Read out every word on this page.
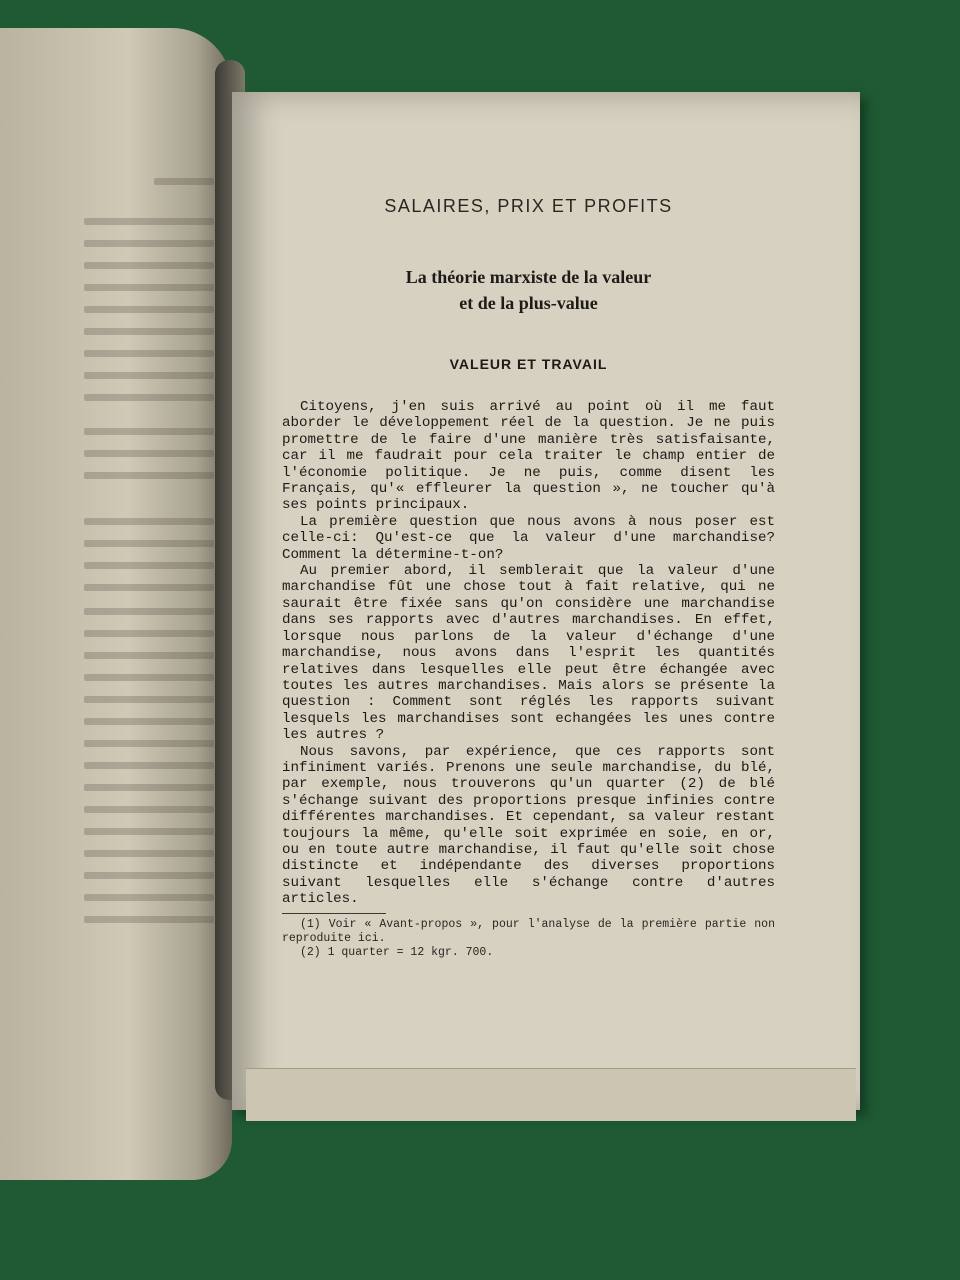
SALAIRES, PRIX ET PROFITS
La théorie marxiste de la valeur
et de la plus-value
VALEUR ET TRAVAIL

Citoyens, j'en suis arrivé au point où il me faut aborder le développement réel de la question. Je ne puis promettre de le faire d'une manière très satisfaisante, car il me faudrait pour cela traiter le champ entier de l'économie politique. Je ne puis, comme disent les Français, qu'« effleurer la question », ne toucher qu'à ses points principaux.

La première question que nous avons à nous poser est celle-ci: Qu'est-ce que la valeur d'une marchandise? Comment la détermine-t-on?

Au premier abord, il semblerait que la valeur d'une marchandise fût une chose tout à fait relative, qui ne saurait être fixée sans qu'on considère une marchandise dans ses rapports avec d'autres marchandises. En effet, lorsque nous parlons de la valeur d'échange d'une marchandise, nous avons dans l'esprit les quantités relatives dans lesquelles elle peut être échangée avec toutes les autres marchandises. Mais alors se présente la question : Comment sont réglés les rapports suivant lesquels les marchandises sont echangées les unes contre les autres ?

Nous savons, par expérience, que ces rapports sont infiniment variés. Prenons une seule marchandise, du blé, par exemple, nous trouverons qu'un quarter (2) de blé s'échange suivant des proportions presque infinies contre différentes marchandises. Et cependant, sa valeur restant toujours la même, qu'elle soit exprimée en soie, en or, ou en toute autre marchandise, il faut qu'elle soit chose distincte et indépendante des diverses proportions suivant lesquelles elle s'échange contre d'autres articles.

(1) Voir « Avant-propos », pour l'analyse de la première partie non reproduite ici.

(2) 1 quarter = 12 kgr. 700.
